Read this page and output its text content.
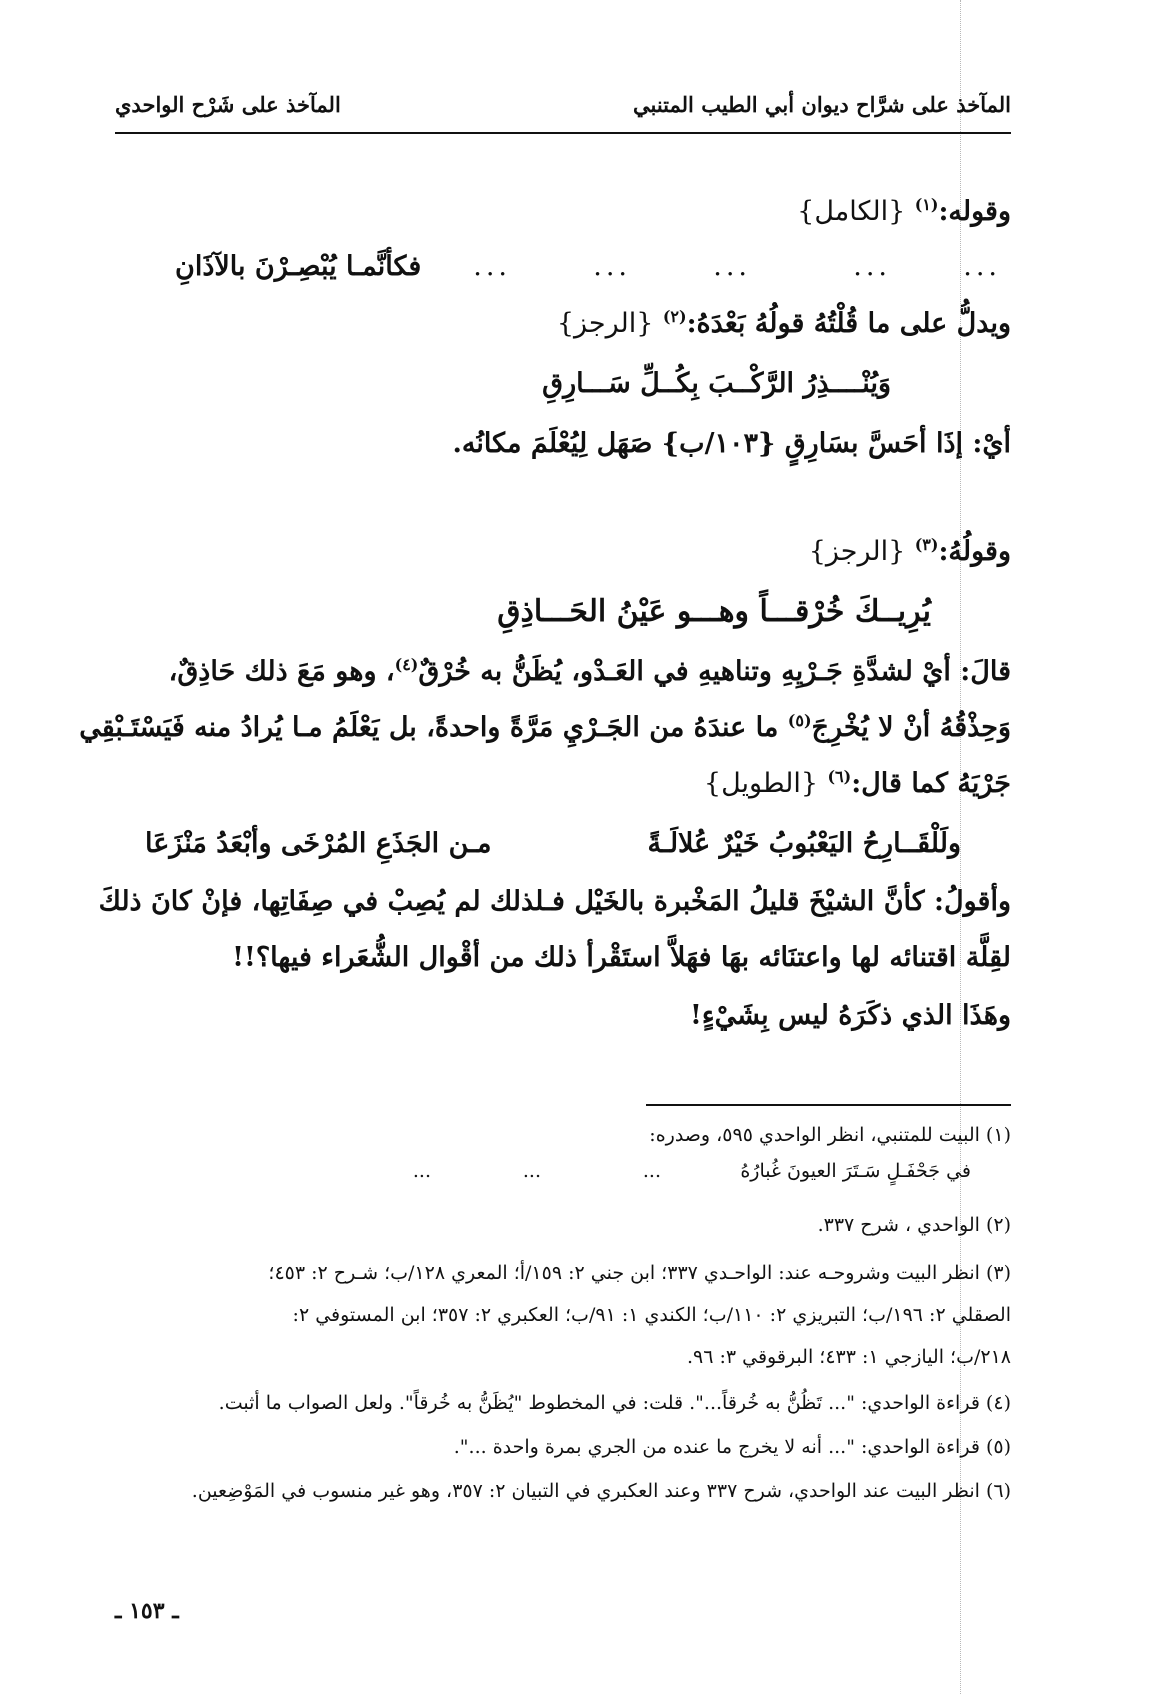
المآخذ على شرَّاح ديوان أبي الطيب المتنبي
المآخذ على شَرْح الواحدي
وقوله:$^{(١)}$ {الكامل}
...
...
...
...
...
فكأنَّمـا يُبْصِـرْنَ بالآذَانِ
ويدلُّ على ما قُلْتُهُ قولُهُ بَعْدَهُ:$^{(٢)}$ {الرجز}
وَيُنْــــذِرُ الرَّكْــبَ بِكُــلِّ سَـــارِقِ
أيْ: إذَا أحَسَّ بسَارِقٍ {١٠٣/ب} صَهَل لِيُعْلَمَ مكانُه.
وقولُهُ:$^{(٣)}$ {الرجز}
يُرِيــكَ خُرْقـــاً وهـــو عَيْنُ الحَـــاذِقِ
قالَ: أيْ لشدَّةِ جَـرْيِهِ وتناهيهِ في العَـدْو، يُظَنُّ به خُرْقٌ$^{(٤)}$، وهو مَعَ ذلك حَاذِقٌ،
وَحِذْقُهُ أنْ لا يُخْرِجَ$^{(٥)}$ ما عندَهُ من الجَـرْيِ مَرَّةً واحدةً، بل يَعْلَمُ مـا يُرادُ منه فَيَسْتَـبْقِي
جَرْيَهُ كما قال:$^{(٦)}$ {الطويل}
ولَلْقَــارِحُ اليَعْبُوبُ خَيْرٌ عُلالَـةً
مـن الجَذَعِ المُرْخَى وأبْعَدُ مَنْزَعَا
وأقولُ: كأنَّ الشيْخَ قليلُ المَخْبرة بالخَيْل فـلذلك لم يُصِبْ في صِفَاتِها، فإنْ كانَ ذلكَ
لقِلَّة اقتنائه لها واعتنَائه بهَا فهَلاَّ استَقْرأ ذلك من أقْوال الشُّعَراء فيها؟!!
وهَذَا الذي ذكَرَهُ ليس بِشَيْءٍ!
(١) البيت للمتنبي، انظر الواحدي ٥٩٥، وصدره:
في جَحْفَـلٍ سَـتَرَ العيونَ غُبارُهُ
...
...
...
(٢) الواحدي ، شرح ٣٣٧.
(٣) انظر البيت وشروحـه عند: الواحـدي ٣٣٧؛ ابن جني ٢: ١٥٩/أ؛ المعري ١٢٨/ب؛ شـرح ٢: ٤٥٣؛
الصقلي ٢: ١٩٦/ب؛ التبريزي ٢: ١١٠/ب؛ الكندي ١: ٩١/ب؛ العكبري ٢: ٣٥٧؛ ابن المستوفي ٢:
٢١٨/ب؛ اليازجي ١: ٤٣٣؛ البرقوقي ٣: ٩٦.
(٤) قراءة الواحدي: "... تَظُنُّ به خُرقاً...". قلت: في المخطوط "يُظَنُّ به خُرقاً". ولعل الصواب ما أثبت.
(٥) قراءة الواحدي: "... أنه لا يخرج ما عنده من الجري بمرة واحدة ...".
(٦) انظر البيت عند الواحدي، شرح ٣٣٧ وعند العكبري في التبيان ٢: ٣٥٧، وهو غير منسوب في المَوْضِعين.
ـ ١٥٣ ـ
